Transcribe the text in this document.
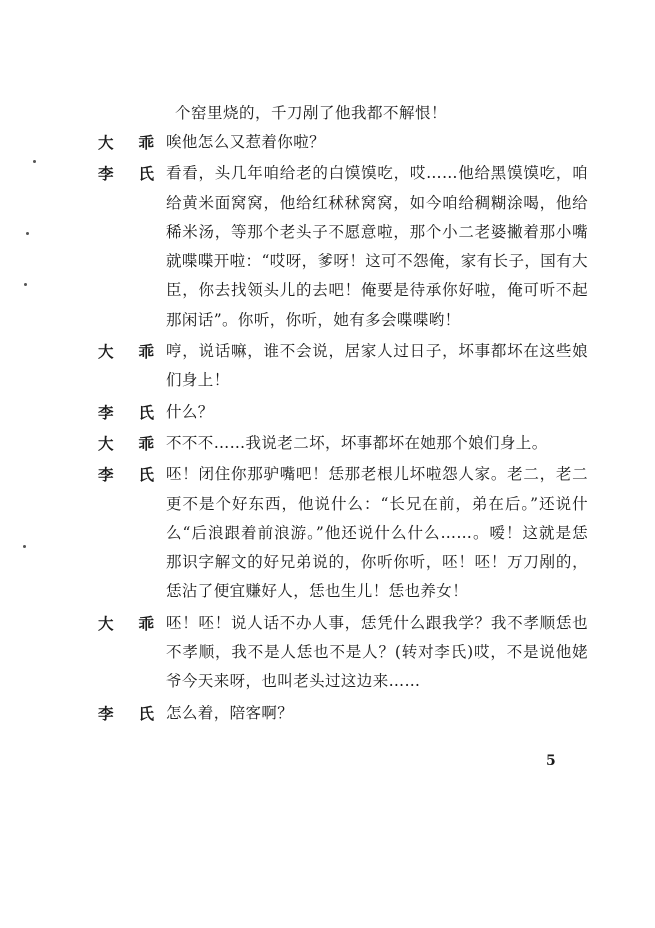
个窑里烧的，千刀剐了他我都不解恨！
大 乖 唉他怎么又惹着你啦？
李 氏 看看，头几年咱给老的白馍馍吃，哎……他给黑馍馍吃，咱给黄米面窝窝，他给红秫秫窝窝，如今咱给稠糊涂喝，他给稀米汤，等那个老头子不愿意啦，那个小二老婆撇着那小嘴就喋喋开啦：“哎呀，爹呀！这可不怨俺，家有长子，国有大臣，你去找领头儿的去吧！俺要是待承你好啦，俺可听不起那闲话”。你听，你听，她有多会喋喋哟！
大 乖 哼，说话嘛，谁不会说，居家人过日子，坏事都坏在这些娘们身上！
李 氏 什么？
大 乖 不不不……我说老二坏，坏事都坏在她那个娘们身上。
李 氏 呸！闭住你那驴嘴吧！恁那老根儿坏啦怨人家。老二，老二更不是个好东西，他说什么：“长兄在前，弟在后。”还说什么“后浪跟着前浪游。”他还说什么什么……。嗳！这就是恁那识字解文的好兄弟说的，你听你听，呸！呸！万刀剐的，恁沾了便宜赚好人，恁也生儿！恁也养女！
大 乖 呸！呸！说人话不办人事，恁凭什么跟我学？我不孝顺恁也不孝顺，我不是人恁也不是人？(转对李氏)哎，不是说他姥爷今天来呀，也叫老头过这边来……
李 氏 怎么着，陪客啊？
5
